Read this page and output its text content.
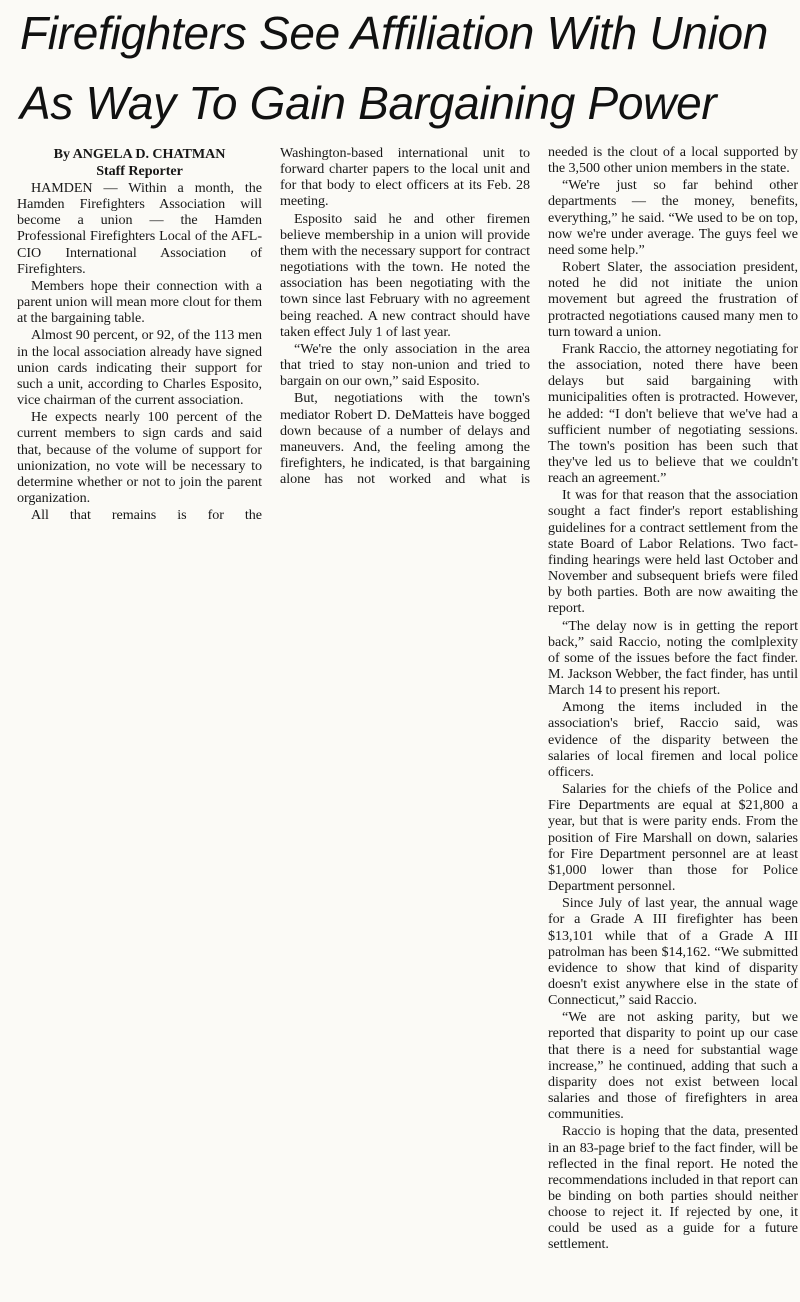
Firefighters See Affiliation With Union
As Way To Gain Bargaining Power

By ANGELA D. CHATMAN

Staff Reporter

HAMDEN — Within a month, the Hamden Firefighters Association will become a union — the Hamden Professional Firefighters Local of the AFL-CIO International Association of Firefighters.

Members hope their connection with a parent union will mean more clout for them at the bargaining table.

Almost 90 percent, or 92, of the 113 men in the local association already have signed union cards indicating their support for such a unit, according to Charles Esposito, vice chairman of the current association.

He expects nearly 100 percent of the current members to sign cards and said that, because of the volume of support for unionization, no vote will be necessary to determine whether or not to join the parent organization.

All that remains is for the

Washington-based international unit to forward charter papers to the local unit and for that body to elect officers at its Feb. 28 meeting.

Esposito said he and other firemen believe membership in a union will provide them with the necessary support for contract negotiations with the town. He noted the association has been negotiating with the town since last February with no agreement being reached. A new contract should have taken effect July 1 of last year.

“We're the only association in the area that tried to stay non-union and tried to bargain on our own,” said Esposito.

But, negotiations with the town's mediator Robert D. DeMatteis have bogged down because of a number of delays and maneuvers. And, the feeling among the firefighters, he indicated, is that bargaining alone has not worked and what is

needed is the clout of a local supported by the 3,500 other union members in the state.

“We're just so far behind other departments — the money, benefits, everything,” he said. “We used to be on top, now we're under average. The guys feel we need some help.”

Robert Slater, the association president, noted he did not initiate the union movement but agreed the frustration of protracted negotiations caused many men to turn toward a union.

Frank Raccio, the attorney negotiating for the association, noted there have been delays but said bargaining with municipalities often is protracted. However, he added: “I don't believe that we've had a sufficient number of negotiating sessions. The town's position has been such that they've led us to believe that we couldn't reach an agreement.”

It was for that reason that the association sought a fact finder's report establishing guidelines for a contract settlement from the state Board of Labor Relations. Two fact-finding hearings were held last October and November and subsequent briefs were filed by both parties. Both are now awaiting the report.

“The delay now is in getting the report back,” said Raccio, noting the comlplexity of some of the issues before the fact finder. M. Jackson Webber, the fact finder, has until March 14 to present his report.

Among the items included in the association's brief, Raccio said, was evidence of the disparity between the salaries of local firemen and local police officers.

Salaries for the chiefs of the Police and Fire Departments are equal at $21,800 a year, but that is were parity ends. From the position of Fire Marshall on down, salaries for Fire Department personnel are at least $1,000 lower than those for Police Department personnel.

Since July of last year, the annual wage for a Grade A III firefighter has been $13,101 while that of a Grade A III patrolman has been $14,162. “We submitted evidence to show that kind of disparity doesn't exist anywhere else in the state of Connecticut,” said Raccio.

“We are not asking parity, but we reported that disparity to point up our case that there is a need for substantial wage increase,” he continued, adding that such a disparity does not exist between local salaries and those of firefighters in area communities.

Raccio is hoping that the data, presented in an 83-page brief to the fact finder, will be reflected in the final report. He noted the recommendations included in that report can be binding on both parties should neither choose to reject it. If rejected by one, it could be used as a guide for a future settlement.
